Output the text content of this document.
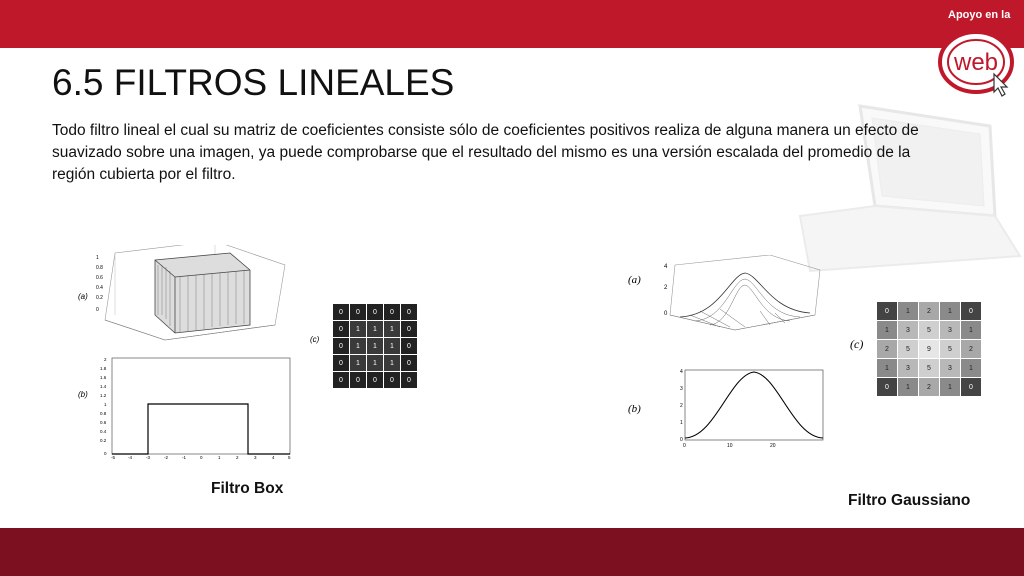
Apoyo en la
web
6.5 FILTROS LINEALES
Todo filtro lineal el cual su matriz de coeficientes consiste sólo de coeficientes positivos realiza de alguna manera un efecto de suavizado sobre una imagen, ya puede comprobarse que el resultado del mismo es una versión escalada del promedio de la región cubierta por el filtro.
(a)
(b)
1
0.8
0.6
0.4
0.2
0
2
1.8
1.6
1.4
1.2
1
0.8
0.6
0.4
0.2
0
-5	-4	-3	-2	-1	0	1	2	3	4	5
(c)
0	0	0	0	0
0	1	1	1	0
0	1	1	1	0
0	1	1	1	0
0	0	0	0	0
Filtro Box
(a)
(b)
4
2
0
4
3
2
1
0
0	10	20
(c)
0	1	2	1	0
1	3	5	3	1
2	5	9	5	2
1	3	5	3	1
0	1	2	1	0
Filtro Gaussiano
